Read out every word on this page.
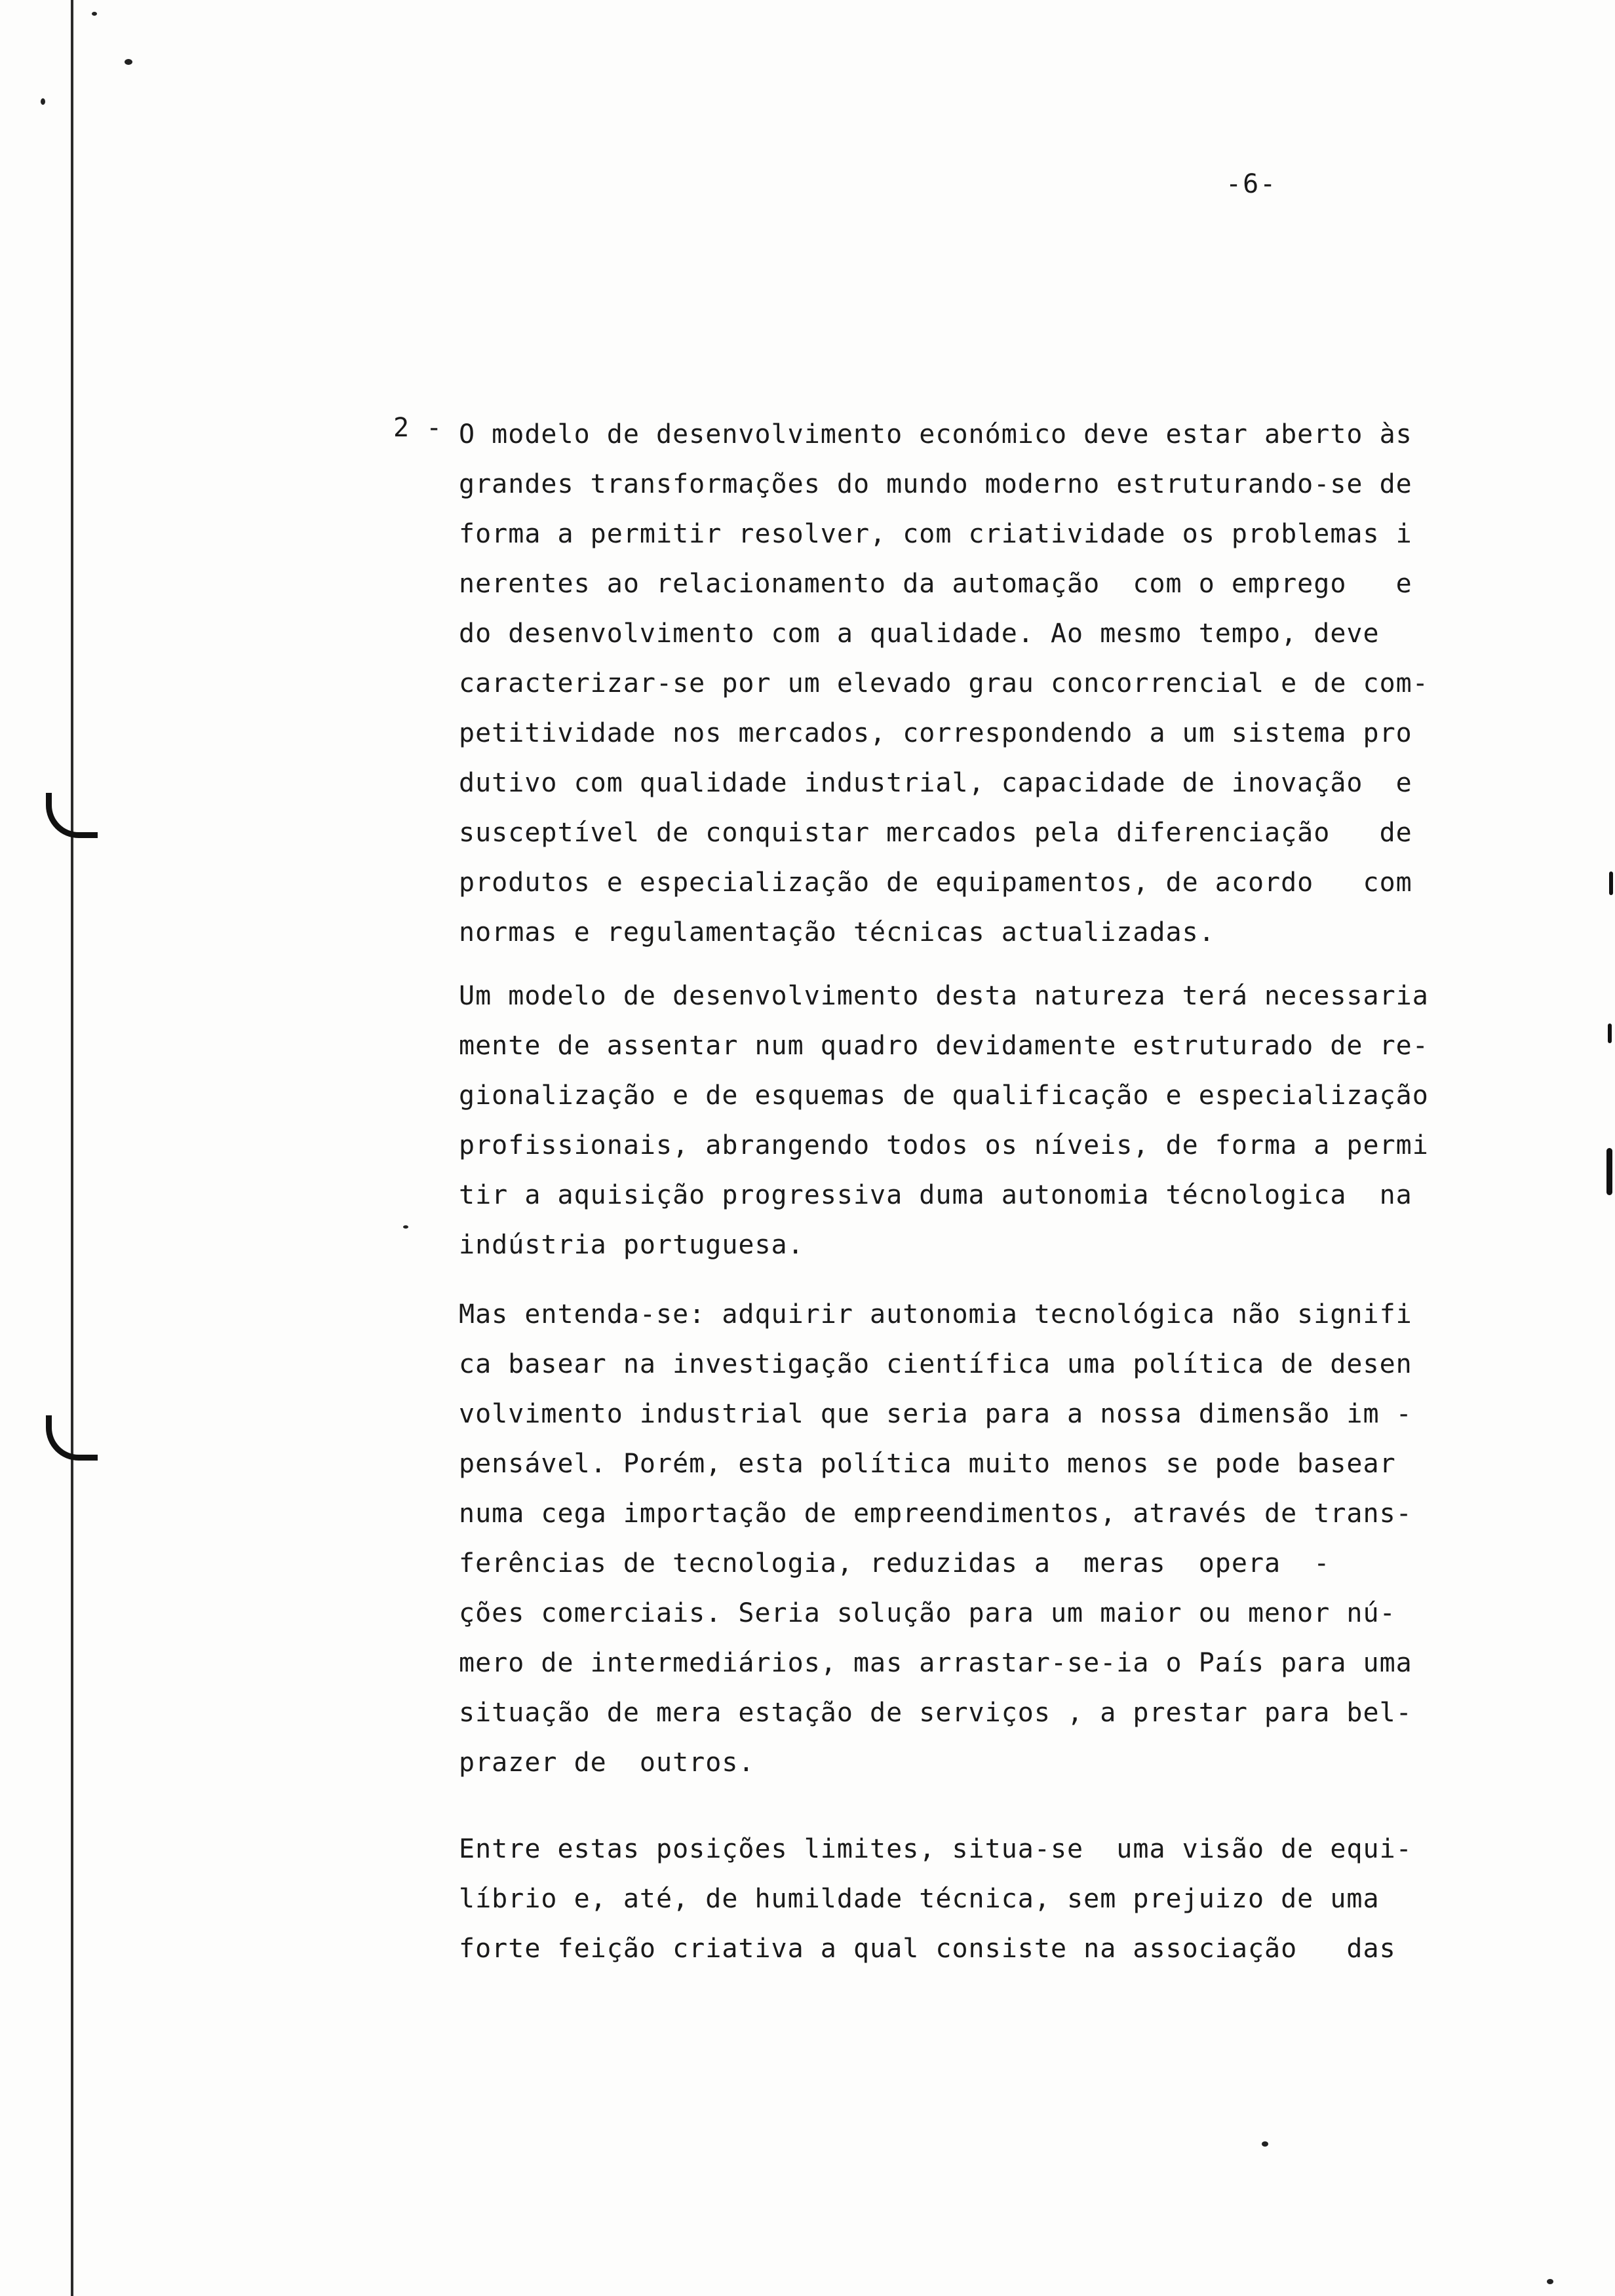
-6-
2 - O modelo de desenvolvimento económico deve estar aberto às
grandes transformações do mundo moderno estruturando-se de
forma a permitir resolver, com criatividade os problemas i
nerentes ao relacionamento da automação  com o emprego   e
do desenvolvimento com a qualidade. Ao mesmo tempo, deve
caracterizar-se por um elevado grau concorrencial e de com-
petitividade nos mercados, correspondendo a um sistema pro
dutivo com qualidade industrial, capacidade de inovação  e
susceptível de conquistar mercados pela diferenciação   de
produtos e especialização de equipamentos, de acordo   com
normas e regulamentação técnicas actualizadas.
Um modelo de desenvolvimento desta natureza terá necessaria
mente de assentar num quadro devidamente estruturado de re-
gionalização e de esquemas de qualificação e especialização
profissionais, abrangendo todos os níveis, de forma a permi
tir a aquisição progressiva duma autonomia técnologica  na
indústria portuguesa.
Mas entenda-se: adquirir autonomia tecnológica não signifi
ca basear na investigação científica uma política de desen
volvimento industrial que seria para a nossa dimensão im -
pensável. Porém, esta política muito menos se pode basear
numa cega importação de empreendimentos, através de trans-
ferências de tecnologia, reduzidas a  meras  opera  -
ções comerciais. Seria solução para um maior ou menor nú-
mero de intermediários, mas arrastar-se-ia o País para uma
situação de mera estação de serviços , a prestar para bel-
prazer de  outros.
Entre estas posições limites, situa-se  uma visão de equi-
líbrio e, até, de humildade técnica, sem prejuizo de uma
forte feição criativa a qual consiste na associação   das
